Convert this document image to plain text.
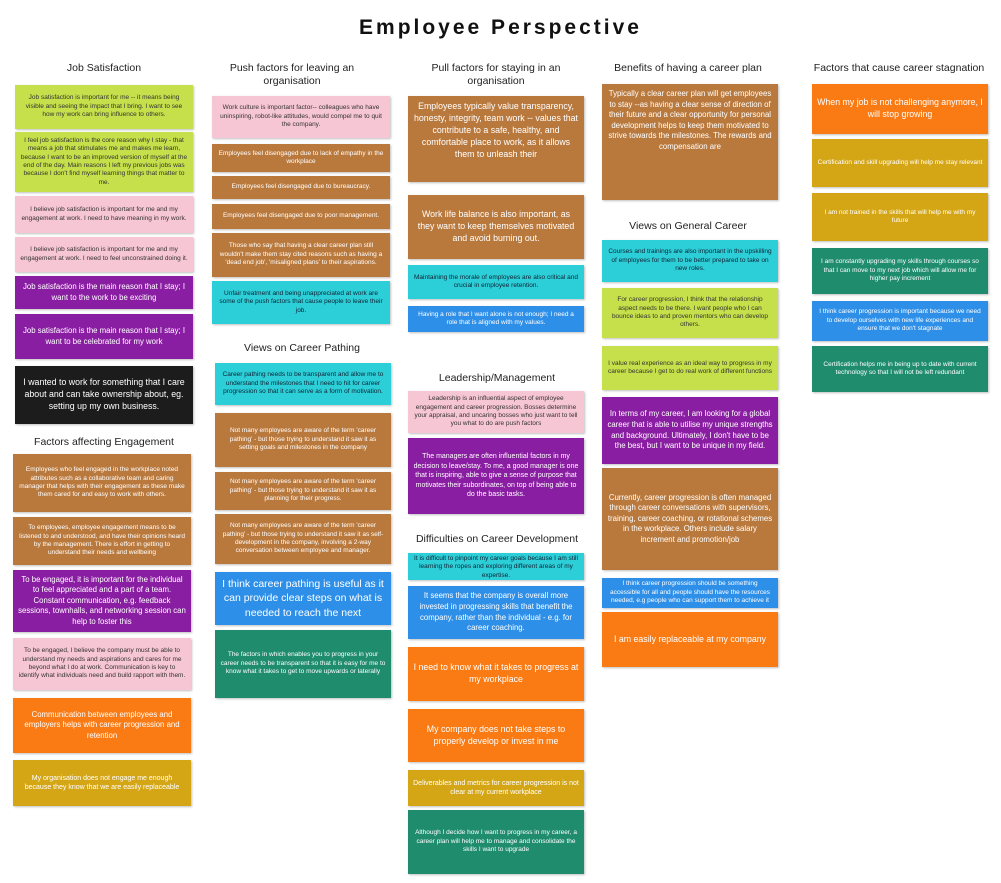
Employee Perspective
Job Satisfaction	Push factors for leaving an organisation
Pull factors for staying in an organisation
Benefits of having a career plan	Factors that cause career stagnation
Factors affecting Engagement
Views on Career Pathing
Leadership/Management
Views on General Career
Difficulties on Career Development
Job satisfaction is important for me -- it means being visible and seeing the impact that I bring. I want to see how my work can bring influence to others.
I feel job satisfaction is the core reason why I stay - that means a job that stimulates me and makes me learn, because I want to be an improved version of myself at the end of the day. Main reasons I left my previous jobs was because I don't find myself learning things that matter to me.
I believe job satisfaction is important for me and my engagement at work. I need to have meaning in my work.
I believe job satisfaction is important for me and my engagement at work. I need to feel unconstrained doing it.
Job satisfaction is the main reason that I stay; I want to the work to be exciting
Job satisfaction is the main reason that I stay; I want to be celebrated for my work
I wanted to work for something that I care about and can take ownership about, eg. setting up my own business.
Employees who feel engaged in the workplace noted attributes such as a collaborative team and caring manager that helps with their engagement as these make them cared for and easy to work with others.
To employees, employee engagement means to be listened to and understood, and have their opinions heard by the management. There is effort in getting to understand their needs and wellbeing
To be engaged, it is important for the individual to feel appreciated and a part of a team. Constant communication, e.g. feedback sessions, townhalls, and networking session can help to foster this
To be engaged, I believe the company must be able to understand my needs and aspirations and cares for me beyond what I do at work. Communication is key to identify what individuals need and build rapport with them.
Communication between employees and employers helps with career progression and retention
My organisation does not engage me enough because they know that we are easily replaceable
Work culture is important factor-- colleagues who have uninspiring, robot-like attitudes, would compel me to quit the company.
Employees feel disengaged due to lack of empathy in the workplace
Employees feel disengaged due to bureaucracy.
Employees feel disengaged due to poor management.
Those who say that having a clear career plan still wouldn't make them stay cited reasons such as having a 'dead end job', 'misaligned plans' to their aspirations.
Unfair treatment and being unappreciated at work are some of the push factors that cause people to leave their job.
Career pathing needs to be transparent and allow me to understand the milestones that I need to hit for career progression so that it can serve as a form of motivation.
Not many employees are aware of the term 'career pathing' - but those trying to understand it saw it as setting goals and milestones in the company
Not many employees are aware of the term 'career pathing' - but those trying to understand it saw it as planning for their progress.
Not many employees are aware of the term 'career pathing' - but those trying to understand it saw it as self-development in the company, involving a 2-way conversation between employee and manager.
I think career pathing is useful as it can provide clear steps on what is needed to reach the next
The factors in which enables you to progress in your career needs to be transparent so that it is easy for me to know what it takes to get to move upwards or laterally
Employees typically value transparency, honesty, integrity, team work -- values that contribute to a safe, healthy, and comfortable place to work, as it allows them to unleash their
Work life balance is also important, as they want to keep themselves motivated and avoid burning out.
Maintaining the morale of employees are also critical and crucial in employee retention.
Having a role that I want alone is not enough; I need a role that is aligned with my values.
Leadership is an influential aspect of employee engagement and career progression. Bosses determine your appraisal, and uncaring bosses who just want to tell you what to do are push factors
The managers are often influential factors in my decision to leave/stay. To me, a good manager is one that is inspiring, able to give a sense of purpose that motivates their subordinates, on top of being able to do the basic tasks.
It is difficult to pinpoint my career goals because I am still learning the ropes and exploring different areas of my expertise.
It seems that the company is overall more invested in progressing skills that benefit the company, rather than the individual - e.g. for career coaching.
I need to know what it takes to progress at my workplace
My company does not take steps to properly develop or invest in me
Deliverables and metrics for career progression is not clear at my current workplace
Although I decide how I want to progress in my career, a career plan will help me to manage and consolidate the skills I want to upgrade
Typically a clear career plan will get employees to stay --as having a clear sense of direction of their future and a clear opportunity for personal development helps to keep them motivated to strive towards the milestones. The rewards and compensation are
Courses and trainings are also important in the upskilling of employees for them to be better prepared to take on new roles.
For career progression, I think that the relationship aspect needs to be there. I want people who I can bounce ideas to and proven mentors who can develop others.
I value real experience as an ideal way to progress in my career because I get to do real work of different functions
In terms of my career, I am looking for a global career that is able to utilise my unique strengths and background. Ultimately, I don't have to be the best, but I want to be unique in my field.
Currently, career progression is often managed through career conversations with supervisors, training, career coaching, or rotational schemes in the workplace. Others include salary increment and promotion/job
I think career progression should be something accessible for all and people should have the resources needed, e.g people who can support them to achieve it
I am easily replaceable at my company
When my job is not challenging anymore, I will stop growing
Certification and skill upgrading will help me stay relevant
I am not trained in the skills that will help me with my future
I am constantly upgrading my skills through courses so that I can move to my next job which will allow me for higher pay increment
I think career progression is important because we need to develop ourselves with new life experiences and ensure that we don't stagnate
Certification helps me in being up to date with current technology so that I will not be left redundant
